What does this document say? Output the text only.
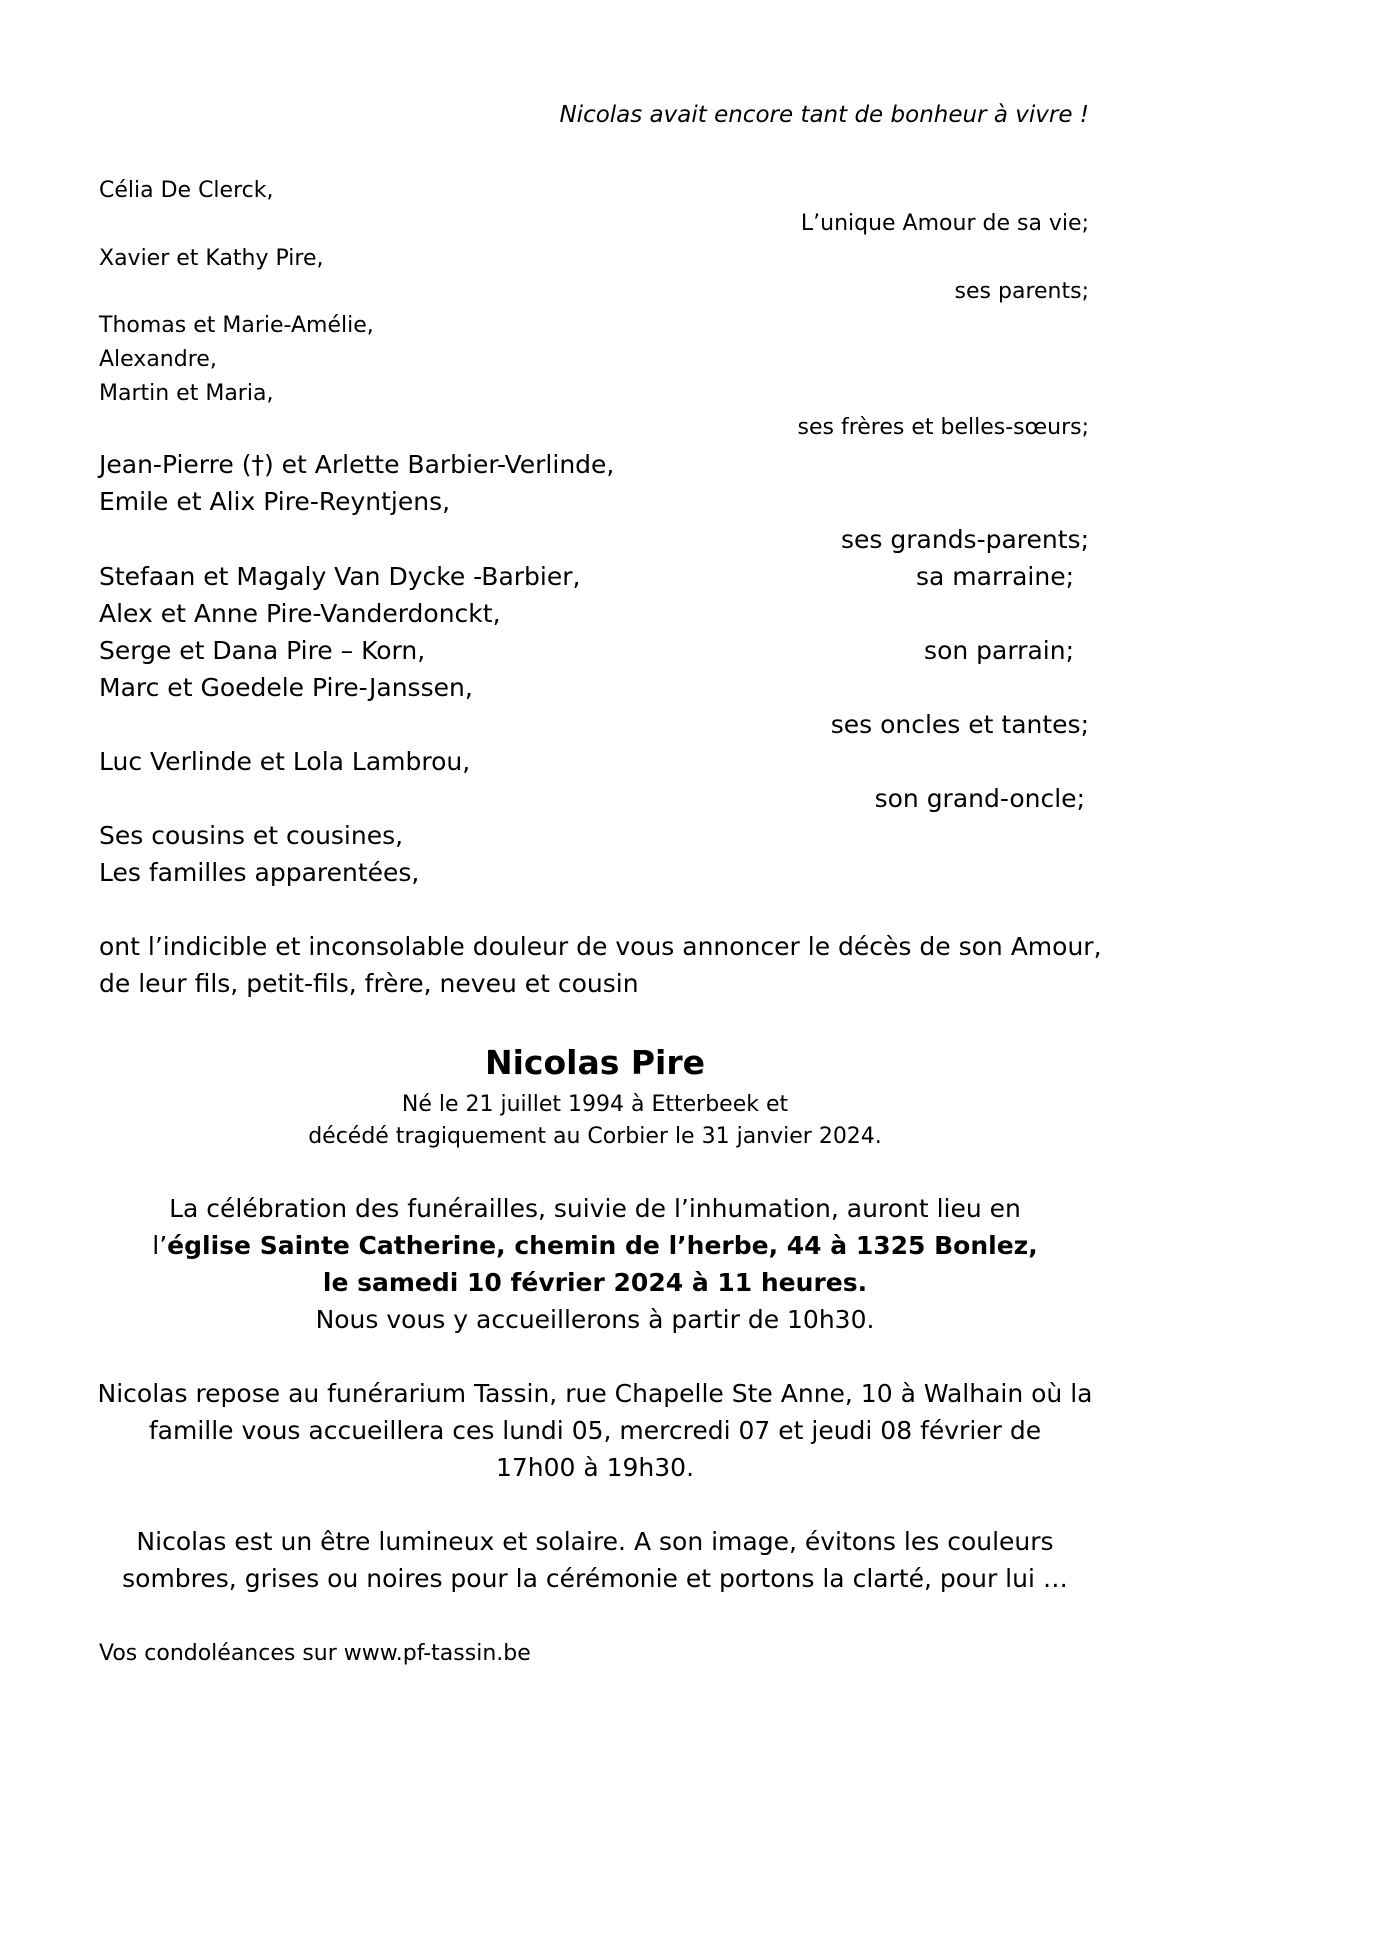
Nicolas avait encore tant de bonheur à vivre !
Célia De Clerck,
L’unique Amour de sa vie;
Xavier et Kathy Pire,
ses parents;
Thomas et Marie-Amélie,
Alexandre,
Martin et Maria,
ses frères et belles-sœurs;
Jean-Pierre (†) et Arlette Barbier-Verlinde,
Emile et Alix Pire-Reyntjens,
ses grands-parents;
Stefaan et Magaly Van Dycke -Barbier,	sa marraine;
Alex et Anne Pire-Vanderdonckt,
Serge et Dana Pire – Korn,	son parrain;
Marc et Goedele Pire-Janssen,
ses oncles et tantes;
Luc Verlinde et Lola Lambrou,
son grand-oncle;
Ses cousins et cousines,
Les familles apparentées,
ont l’indicible et inconsolable douleur de vous annoncer le décès de son Amour,
de leur fils, petit-fils, frère, neveu et cousin
Nicolas Pire
Né le 21 juillet 1994 à Etterbeek et
décédé tragiquement au Corbier le 31 janvier 2024.
La célébration des funérailles, suivie de l’inhumation, auront lieu en
l’église Sainte Catherine, chemin de l’herbe, 44 à 1325 Bonlez,
le samedi 10 février 2024 à 11 heures.
Nous vous y accueillerons à partir de 10h30.
Nicolas repose au funérarium Tassin, rue Chapelle Ste Anne, 10 à Walhain où la
famille vous accueillera ces lundi 05, mercredi 07 et jeudi 08 février de
17h00 à 19h30.
Nicolas est un être lumineux et solaire. A son image, évitons les couleurs
sombres, grises ou noires pour la cérémonie et portons la clarté, pour lui …
Vos condoléances sur www.pf-tassin.be
